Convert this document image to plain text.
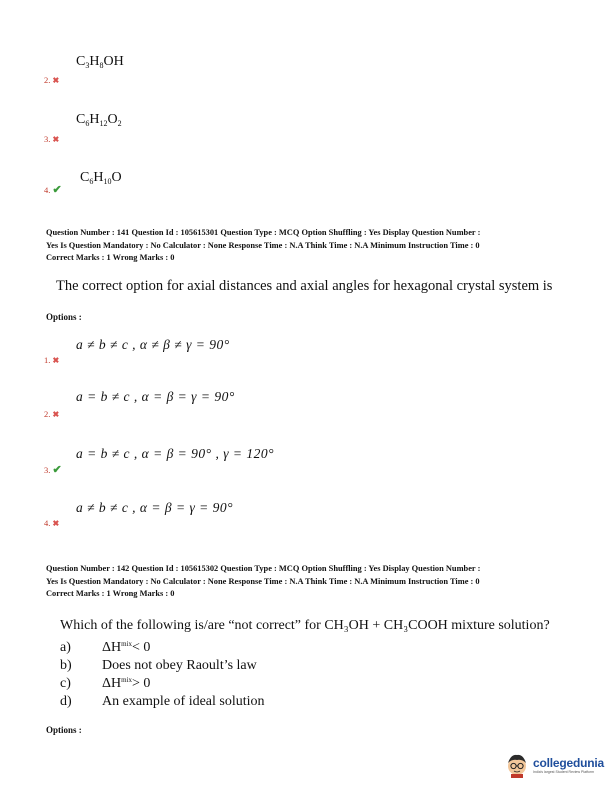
$C_3H_8OH$
2. ✖
$C_6H_{12}O_2$
3. ✖
$C_6H_{10}O$
4. ✔
Question Number : 141 Question Id : 105615301 Question Type : MCQ Option Shuffling : Yes Display Question Number :
Yes Is Question Mandatory : No Calculator : None Response Time : N.A Think Time : N.A Minimum Instruction Time : 0
Correct Marks : 1 Wrong Marks : 0
The correct option for axial distances and axial angles for hexagonal crystal system is
Options :
a ≠ b ≠ c , α ≠ β ≠ γ = 90°
1. ✖
a = b ≠ c , α = β = γ = 90°
2. ✖
a = b ≠ c , α = β = 90° , γ = 120°
3. ✔
a ≠ b ≠ c , α = β = γ = 90°
4. ✖
Question Number : 142 Question Id : 105615302 Question Type : MCQ Option Shuffling : Yes Display Question Number :
Yes Is Question Mandatory : No Calculator : None Response Time : N.A Think Time : N.A Minimum Instruction Time : 0
Correct Marks : 1 Wrong Marks : 0
Which of the following is/are “not correct” for CH₃OH + CH₃COOH mixture solution?
a)	ΔH mix < 0
b)	Does not obey Raoult’s law
c)	ΔH mix > 0
d)	An example of ideal solution
Options :
collegedunia
India's largest Student Review Platform
